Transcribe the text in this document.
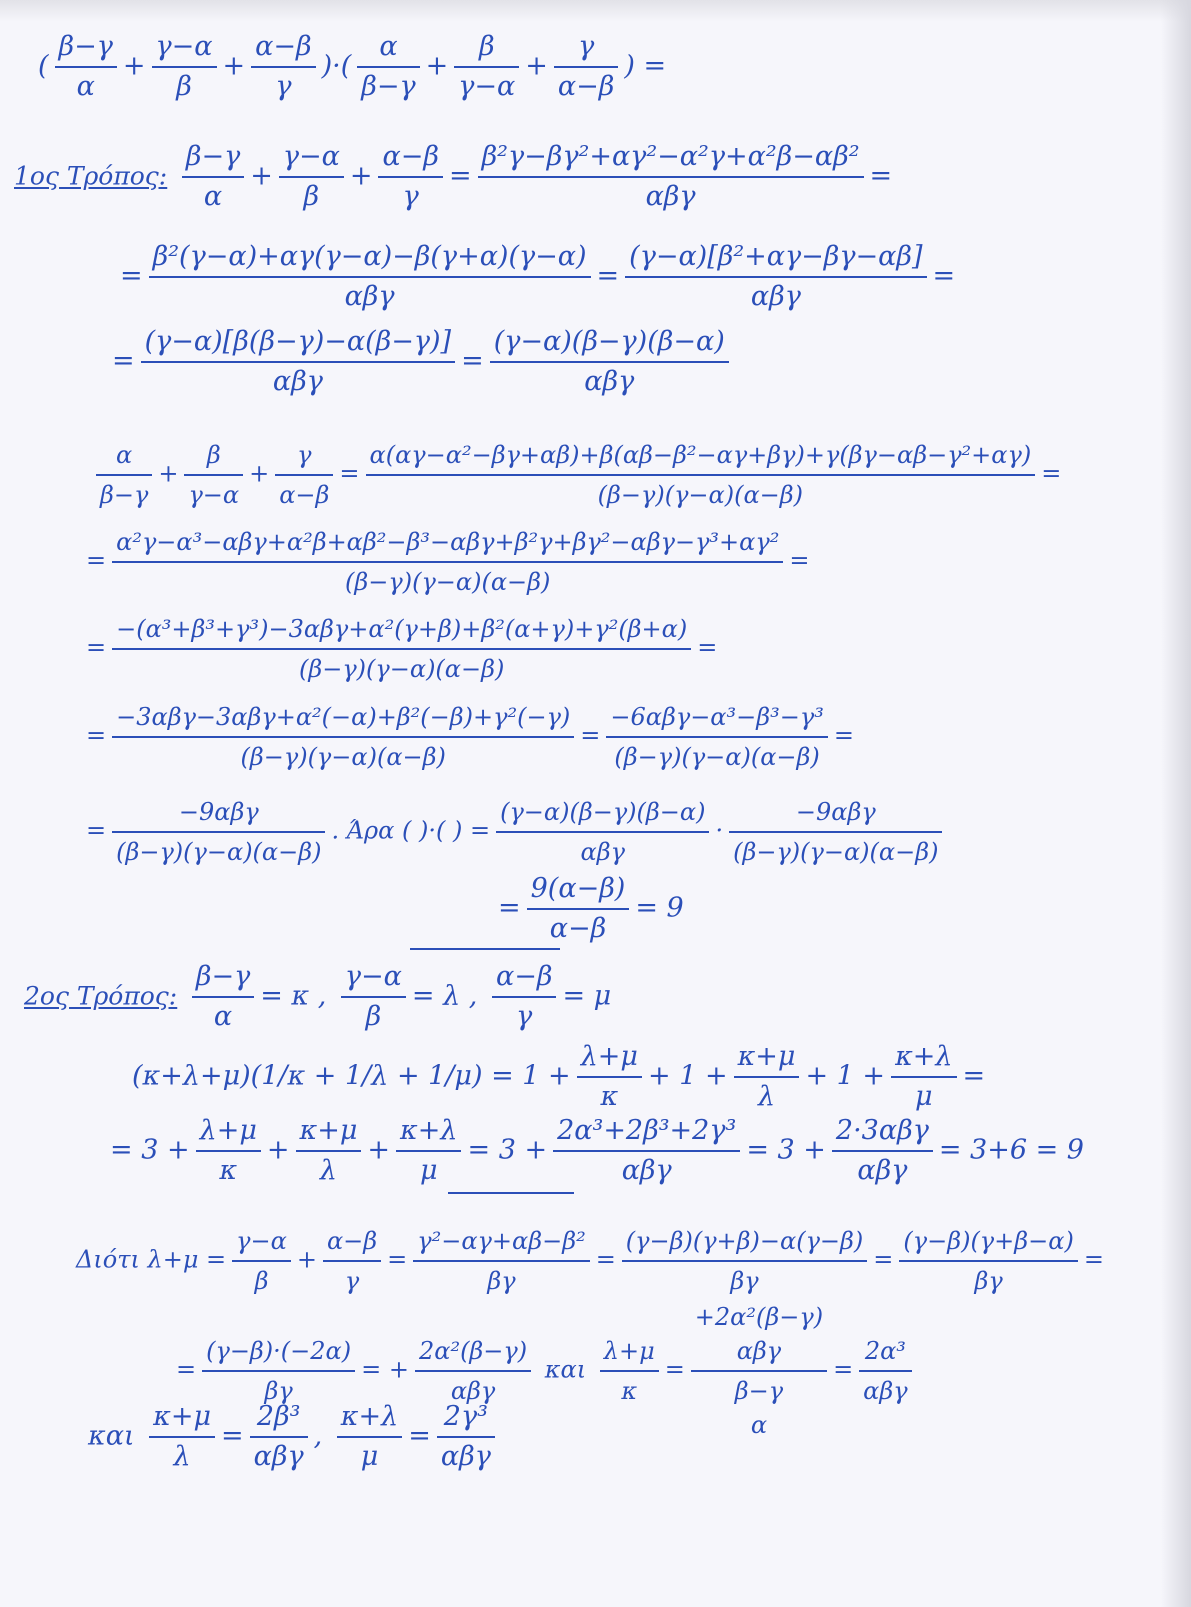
( $\frac{\beta-\gamma}{\alpha} + \frac{\gamma-\alpha}{\beta} + \frac{\alpha-\beta}{\gamma}$ )·( $\frac{\alpha}{\beta-\gamma} + \frac{\beta}{\gamma-\alpha} + \frac{\gamma}{\alpha-\beta}$ ) =
1ος Τρόπος: $\frac{\beta-\gamma}{\alpha} + \frac{\gamma-\alpha}{\beta} + \frac{\alpha-\beta}{\gamma} = \frac{\text{β²γ−βγ²+αγ²−α²γ+α²β−αβ²}}{\text{αβγ}}$ =
= $\frac{\text{β²(γ−α)+αγ(γ−α)−β(γ+α)(γ−α)}}{\text{αβγ}} = \frac{\text{(γ−α)[β²+αγ−βγ−αβ]}}{\text{αβγ}}$ =
= $\frac{(\gamma-\alpha)[\beta(\beta-\gamma)-\alpha(\beta-\gamma)]}{\text{αβγ}} = \frac{(\gamma-\alpha)(\beta-\gamma)(\beta-\alpha)}{\text{αβγ}}$
$\frac{\alpha}{\beta-\gamma} + \frac{\beta}{\gamma-\alpha} + \frac{\gamma}{\alpha-\beta} = \frac{\text{α(αγ−α²−βγ+αβ)+β(αβ−β²−αγ+βγ)+γ(βγ−αβ−γ²+αγ)}}{(\beta-\gamma)(\gamma-\alpha)(\alpha-\beta)}$ =
= $\frac{\text{α²γ−α³−αβγ+α²β+αβ²−β³−αβγ+β²γ+βγ²−αβγ−γ³+αγ²}}{(\beta-\gamma)(\gamma-\alpha)(\alpha-\beta)}$ =
= $\frac{\text{−(α³+β³+γ³)−3αβγ+α²(γ+β)+β²(α+γ)+γ²(β+α)}}{(\beta-\gamma)(\gamma-\alpha)(\alpha-\beta)}$ =
= $\frac{\text{−3αβγ−3αβγ+α²(−α)+β²(−β)+γ²(−γ)}}{(\beta-\gamma)(\gamma-\alpha)(\alpha-\beta)} = \frac{\text{−6αβγ−α³−β³−γ³}}{(\beta-\gamma)(\gamma-\alpha)(\alpha-\beta)}$ =
= $\frac{\text{−9αβγ}}{(\beta-\gamma)(\gamma-\alpha)(\alpha-\beta)}$ . Άρα ( )·( ) = $\frac{(\gamma-\alpha)(\beta-\gamma)(\beta-\alpha)}{\text{αβγ}} \cdot \frac{\text{−9αβγ}}{(\beta-\gamma)(\gamma-\alpha)(\alpha-\beta)}$
= $\frac{9(\alpha-\beta)}{\alpha-\beta} = 9$
2ος Τρόπος: $\frac{\beta-\gamma}{\alpha} = \kappa$ , $\frac{\gamma-\alpha}{\beta} = \lambda$ , $\frac{\alpha-\beta}{\gamma} = \mu$
$(\kappa+\lambda+\mu)(1/\kappa + 1/\lambda + 1/\mu) = 1 + \frac{\lambda+\mu}{\kappa} + 1 + \frac{\kappa+\mu}{\lambda} + 1 + \frac{\kappa+\lambda}{\mu}$ =
= $3 + \frac{\lambda+\mu}{\kappa} + \frac{\kappa+\mu}{\lambda} + \frac{\kappa+\lambda}{\mu} = 3 + \frac{\text{2α³+2β³+2γ³}}{\text{αβγ}} = 3 + \frac{\text{2·3αβγ}}{\text{αβγ}} = 3+6 = 9$
Διότι $\lambda+\mu = \frac{\gamma-\alpha}{\beta} + \frac{\alpha-\beta}{\gamma} = \frac{\text{γ²−αγ+αβ−β²}}{\beta\gamma} = \frac{(\gamma-\beta)(\gamma+\beta)-\alpha(\gamma-\beta)}{\beta\gamma} = \frac{(\gamma-\beta)(\gamma+\beta-\alpha)}{\beta\gamma}$ =
= $\frac{(\gamma-\beta)\cdot(-2\alpha)}{\beta\gamma}$ = + $\frac{\text{2α²(β−γ)}}{\text{αβγ}}$ και $\frac{\lambda+\mu}{\kappa}$ =
+2α²(β−γ)
αβγ
β−γ
α
= $\frac{\text{2α³}}{\text{αβγ}}$
και $\frac{\kappa+\mu}{\lambda} = \frac{\text{2β³}}{\text{αβγ}}$ , $\frac{\kappa+\lambda}{\mu} = \frac{\text{2γ³}}{\text{αβγ}}$
